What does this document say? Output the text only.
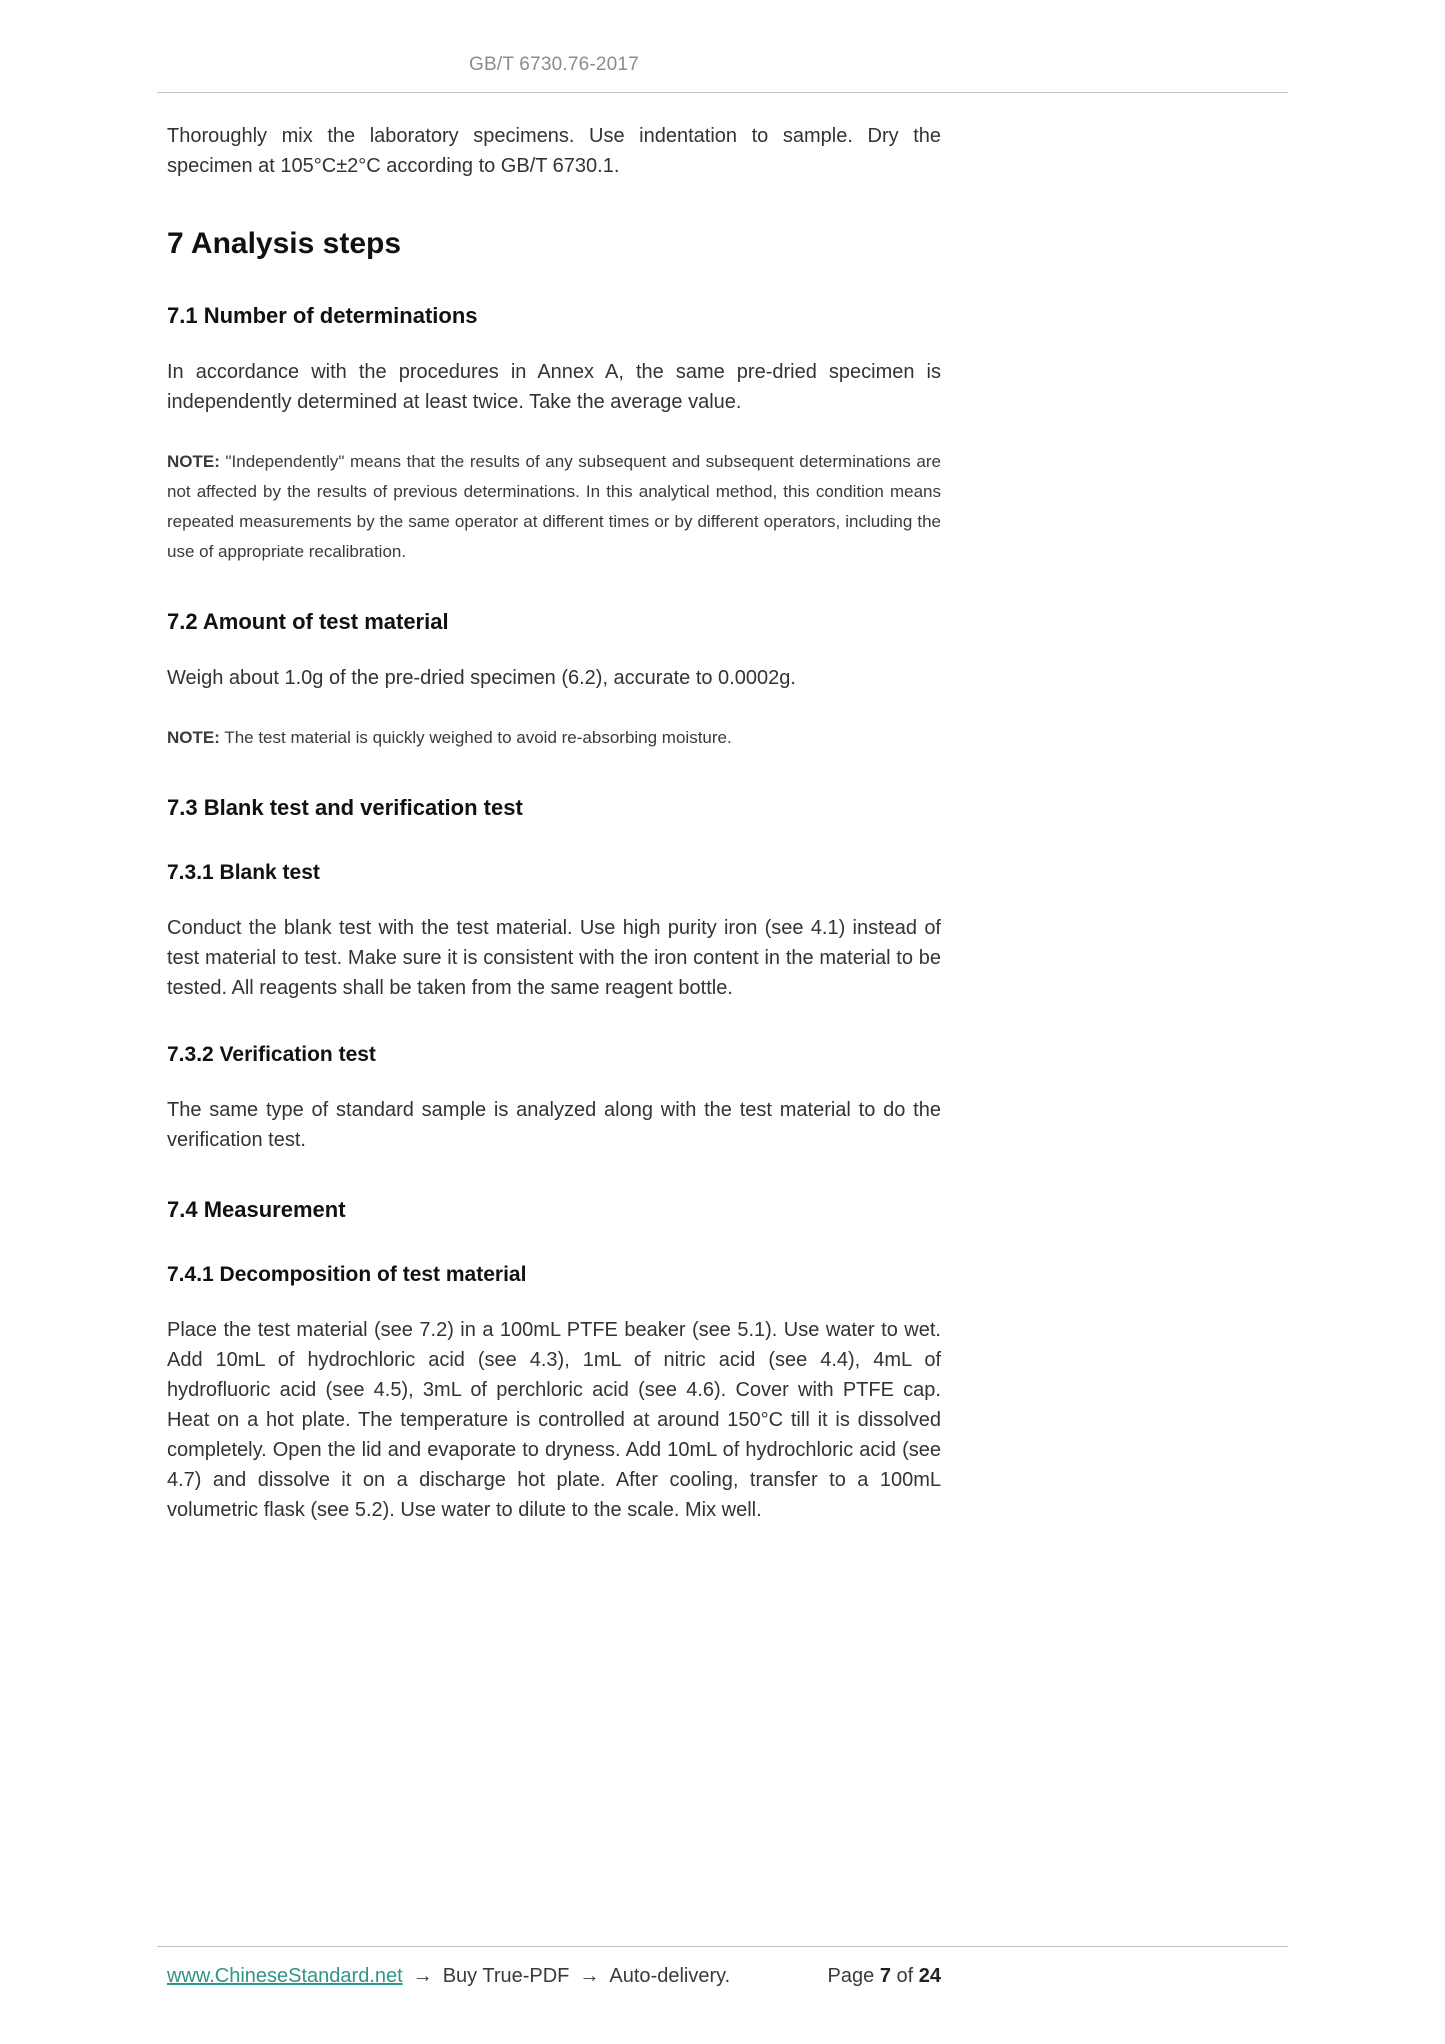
GB/T 6730.76-2017

Thoroughly mix the laboratory specimens. Use indentation to sample. Dry the specimen at 105°C±2°C according to GB/T 6730.1.

7 Analysis steps
7.1 Number of determinations

In accordance with the procedures in Annex A, the same pre-dried specimen is independently determined at least twice. Take the average value.

NOTE: "Independently" means that the results of any subsequent and subsequent determinations are not affected by the results of previous determinations. In this analytical method, this condition means repeated measurements by the same operator at different times or by different operators, including the use of appropriate recalibration.

7.2 Amount of test material

Weigh about 1.0g of the pre-dried specimen (6.2), accurate to 0.0002g.

NOTE: The test material is quickly weighed to avoid re-absorbing moisture.

7.3 Blank test and verification test
7.3.1 Blank test

Conduct the blank test with the test material. Use high purity iron (see 4.1) instead of test material to test. Make sure it is consistent with the iron content in the material to be tested. All reagents shall be taken from the same reagent bottle.

7.3.2 Verification test

The same type of standard sample is analyzed along with the test material to do the verification test.

7.4 Measurement
7.4.1 Decomposition of test material

Place the test material (see 7.2) in a 100mL PTFE beaker (see 5.1). Use water to wet. Add 10mL of hydrochloric acid (see 4.3), 1mL of nitric acid (see 4.4), 4mL of hydrofluoric acid (see 4.5), 3mL of perchloric acid (see 4.6). Cover with PTFE cap. Heat on a hot plate. The temperature is controlled at around 150°C till it is dissolved completely. Open the lid and evaporate to dryness. Add 10mL of hydrochloric acid (see 4.7) and dissolve it on a discharge hot plate. After cooling, transfer to a 100mL volumetric flask (see 5.2). Use water to dilute to the scale. Mix well.

www.ChineseStandard.net → Buy True-PDF → Auto-delivery.	Page 7 of 24
